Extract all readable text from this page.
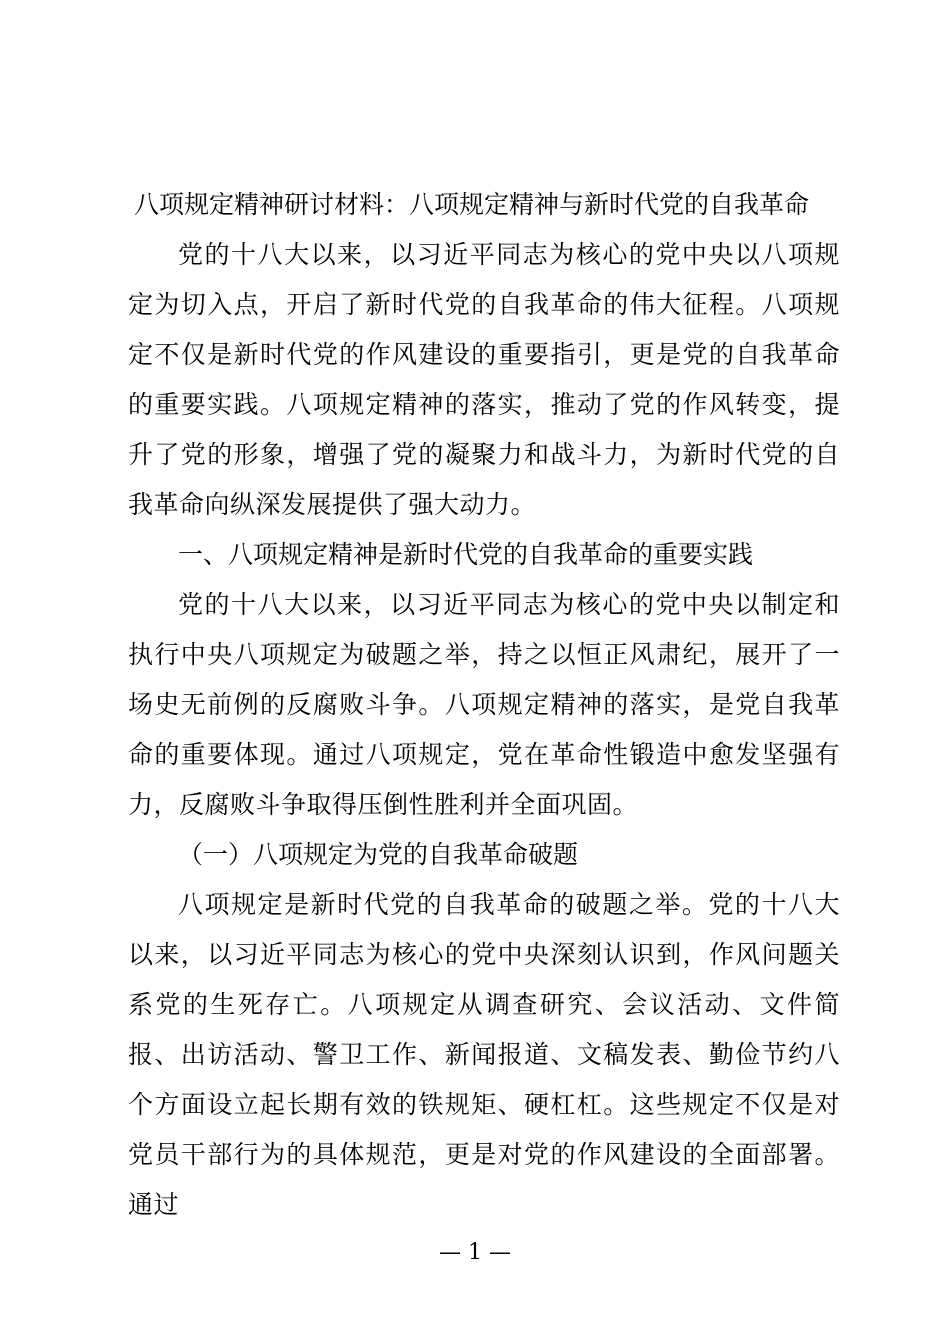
八项规定精神研讨材料：八项规定精神与新时代党的自我革命

党的十八大以来，以习近平同志为核心的党中央以八项规定为切入点，开启了新时代党的自我革命的伟大征程。八项规定不仅是新时代党的作风建设的重要指引，更是党的自我革命的重要实践。八项规定精神的落实，推动了党的作风转变，提升了党的形象，增强了党的凝聚力和战斗力，为新时代党的自我革命向纵深发展提供了强大动力。

一、八项规定精神是新时代党的自我革命的重要实践

党的十八大以来，以习近平同志为核心的党中央以制定和执行中央八项规定为破题之举，持之以恒正风肃纪，展开了一场史无前例的反腐败斗争。八项规定精神的落实，是党自我革命的重要体现。通过八项规定，党在革命性锻造中愈发坚强有力，反腐败斗争取得压倒性胜利并全面巩固。

（一）八项规定为党的自我革命破题

八项规定是新时代党的自我革命的破题之举。党的十八大以来，以习近平同志为核心的党中央深刻认识到，作风问题关系党的生死存亡。八项规定从调查研究、会议活动、文件简报、出访活动、警卫工作、新闻报道、文稿发表、勤俭节约八个方面设立起长期有效的铁规矩、硬杠杠。这些规定不仅是对党员干部行为的具体规范，更是对党的作风建设的全面部署。通过

— 1 —
